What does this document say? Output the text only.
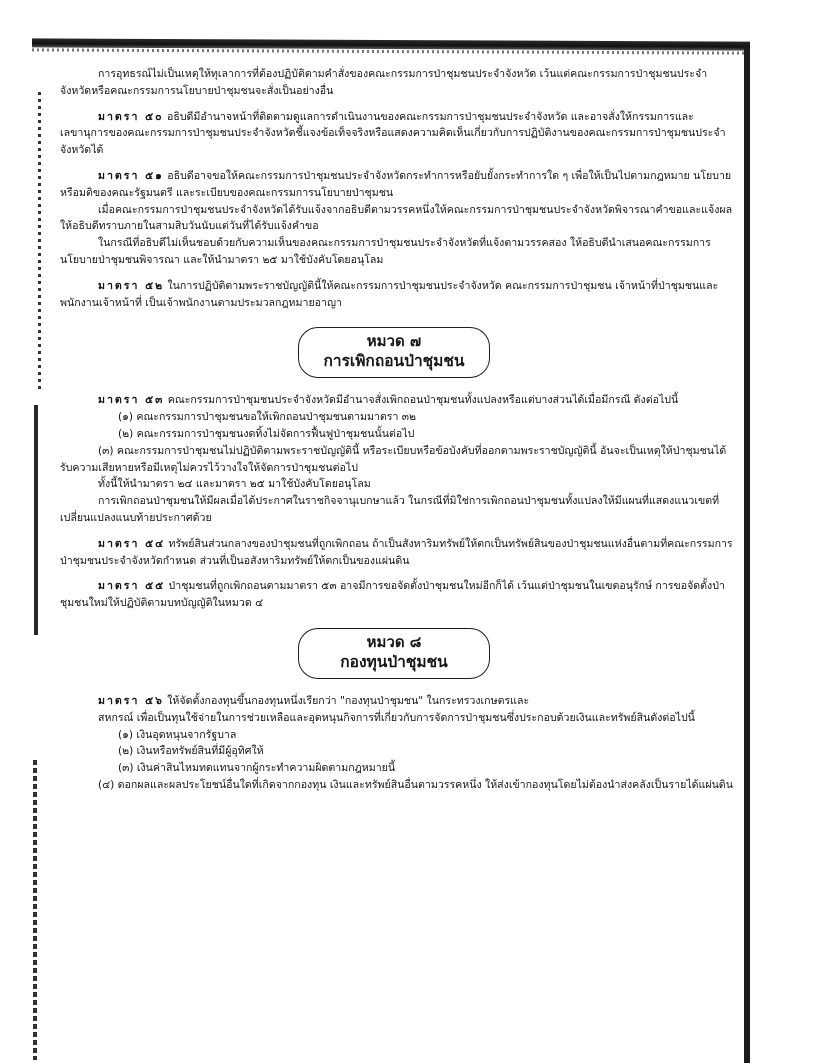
การอุทธรณ์ไม่เป็นเหตุให้ทุเลาการที่ต้องปฏิบัติตามคำสั่งของคณะกรรมการป่าชุมชนประจำจังหวัด เว้นแต่คณะกรรมการป่าชุมชนประจำจังหวัดหรือคณะกรรมการนโยบายป่าชุมชนจะสั่งเป็นอย่างอื่น

มาตรา ๕๐ อธิบดีมีอำนาจหน้าที่ติดตามดูแลการดำเนินงานของคณะกรรมการป่าชุมชนประจำจังหวัด และอาจสั่งให้กรรมการและเลขานุการของคณะกรรมการป่าชุมชนประจำจังหวัดชี้แจงข้อเท็จจริงหรือแสดงความคิดเห็นเกี่ยวกับการปฏิบัติงานของคณะกรรมการป่าชุมชนประจำจังหวัดได้

มาตรา ๕๑ อธิบดีอาจขอให้คณะกรรมการป่าชุมชนประจำจังหวัดกระทำการหรือยับยั้งกระทำการใด ๆ เพื่อให้เป็นไปตามกฎหมาย นโยบายหรือมติของคณะรัฐมนตรี และระเบียบของคณะกรรมการนโยบายป่าชุมชน

เมื่อคณะกรรมการป่าชุมชนประจำจังหวัดได้รับแจ้งจากอธิบดีตามวรรคหนึ่งให้คณะกรรมการป่าชุมชนประจำจังหวัดพิจารณาคำขอและแจ้งผลให้อธิบดีทราบภายในสามสิบวันนับแต่วันที่ได้รับแจ้งคำขอ

ในกรณีที่อธิบดีไม่เห็นชอบด้วยกับความเห็นของคณะกรรมการป่าชุมชนประจำจังหวัดที่แจ้งตามวรรคสอง ให้อธิบดีนำเสนอคณะกรรมการนโยบายป่าชุมชนพิจารณา และให้นำมาตรา ๒๕ มาใช้บังคับโดยอนุโลม

มาตรา ๕๒ ในการปฏิบัติตามพระราชบัญญัตินี้ให้คณะกรรมการป่าชุมชนประจำจังหวัด คณะกรรมการป่าชุมชน เจ้าหน้าที่ป่าชุมชนและพนักงานเจ้าหน้าที่ เป็นเจ้าพนักงานตามประมวลกฎหมายอาญา

หมวด ๗
การเพิกถอนป่าชุมชน

มาตรา ๕๓ คณะกรรมการป่าชุมชนประจำจังหวัดมีอำนาจสั่งเพิกถอนป่าชุมชนทั้งแปลงหรือแต่บางส่วนได้เมื่อมีกรณี ดังต่อไปนี้

(๑) คณะกรรมการป่าชุมชนขอให้เพิกถอนป่าชุมชนตามมาตรา ๓๒

(๒) คณะกรรมการป่าชุมชนงดทิ้งไม่จัดการฟื้นฟูป่าชุมชนนั้นต่อไป

(๓) คณะกรรมการป่าชุมชนไม่ปฏิบัติตามพระราชบัญญัตินี้ หรือระเบียบหรือข้อบังคับที่ออกตามพระราชบัญญัตินี้ อันจะเป็นเหตุให้ป่าชุมชนได้รับความเสียหายหรือมีเหตุไม่ควรไว้วางใจให้จัดการป่าชุมชนต่อไป

ทั้งนี้ให้นำมาตรา ๒๔ และมาตรา ๒๕ มาใช้บังคับโดยอนุโลม

การเพิกถอนป่าชุมชนให้มีผลเมื่อได้ประกาศในราชกิจจานุเบกษาแล้ว ในกรณีที่มิใช่การเพิกถอนป่าชุมชนทั้งแปลงให้มีแผนที่แสดงแนวเขตที่เปลี่ยนแปลงแนบท้ายประกาศด้วย

มาตรา ๕๔ ทรัพย์สินส่วนกลางของป่าชุมชนที่ถูกเพิกถอน ถ้าเป็นสังหาริมทรัพย์ให้ตกเป็นทรัพย์สินของป่าชุมชนแห่งอื่นตามที่คณะกรรมการป่าชุมชนประจำจังหวัดกำหนด ส่วนที่เป็นอสังหาริมทรัพย์ให้ตกเป็นของแผ่นดิน

มาตรา ๕๕ ป่าชุมชนที่ถูกเพิกถอนตามมาตรา ๕๓ อาจมีการขอจัดตั้งป่าชุมชนใหม่อีกก็ได้ เว้นแต่ป่าชุมชนในเขตอนุรักษ์ การขอจัดตั้งป่าชุมชนใหม่ให้ปฏิบัติตามบทบัญญัติในหมวด ๔

หมวด ๘
กองทุนป่าชุมชน

มาตรา ๕๖ ให้จัดตั้งกองทุนขึ้นกองทุนหนึ่งเรียกว่า "กองทุนป่าชุมชน" ในกระทรวงเกษตรและ

สหกรณ์ เพื่อเป็นทุนใช้จ่ายในการช่วยเหลือและอุดหนุนกิจการที่เกี่ยวกับการจัดการป่าชุมชนซึ่งประกอบด้วยเงินและทรัพย์สินดังต่อไปนี้

(๑) เงินอุดหนุนจากรัฐบาล

(๒) เงินหรือทรัพย์สินที่มีผู้อุทิศให้

(๓) เงินค่าสินไหมทดแทนจากผู้กระทำความผิดตามกฎหมายนี้

(๔) ดอกผลและผลประโยชน์อื่นใดที่เกิดจากกองทุน เงินและทรัพย์สินอื่นตามวรรคหนึ่ง ให้ส่งเข้ากองทุนโดยไม่ต้องนำส่งคลังเป็นรายได้แผ่นดิน
